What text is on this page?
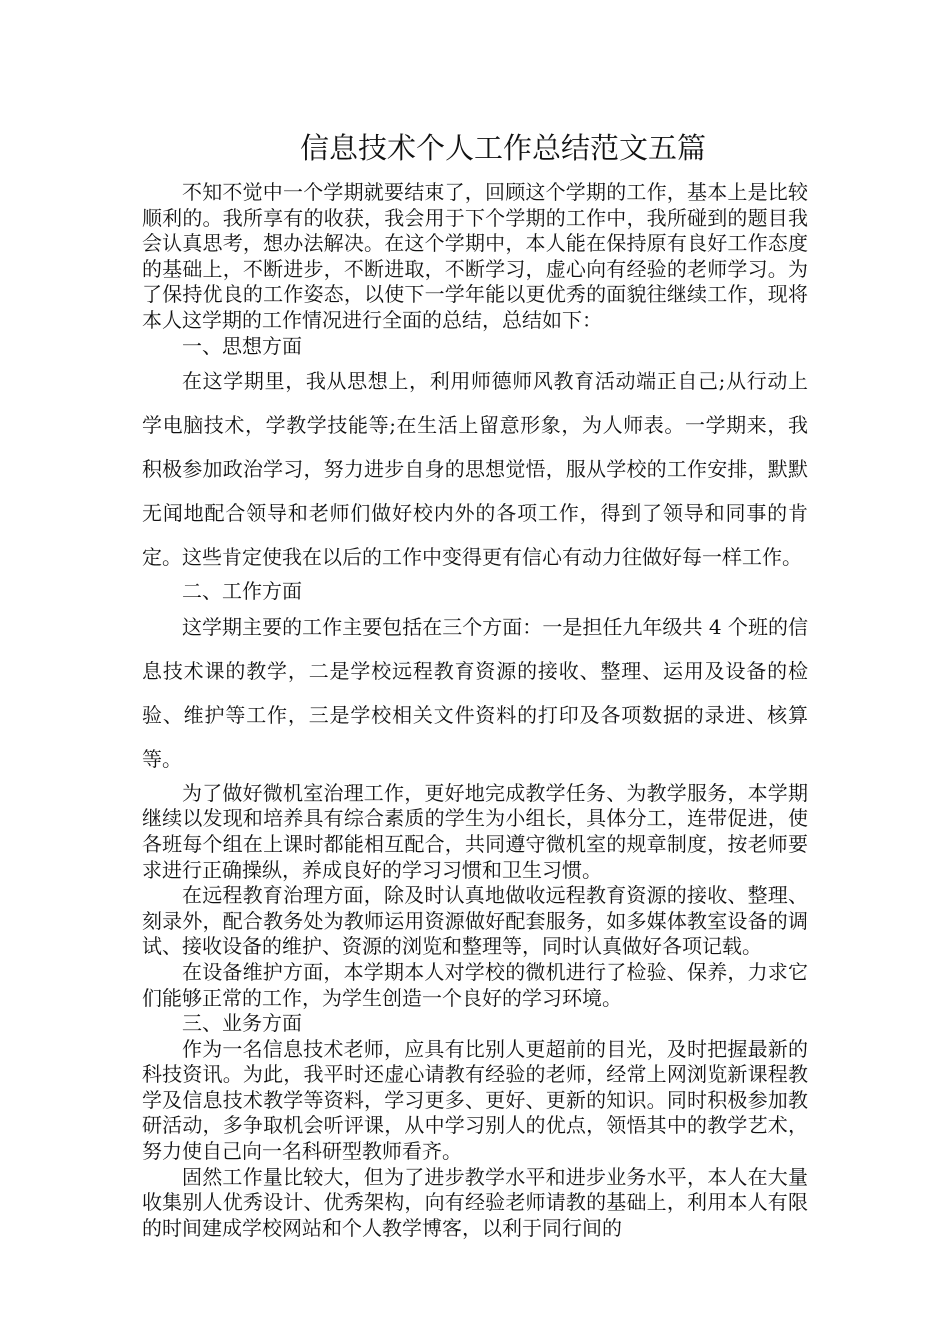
信息技术个人工作总结范文五篇

不知不觉中一个学期就要结束了，回顾这个学期的工作，基本上是比较顺利的。我所享有的收获，我会用于下个学期的工作中，我所碰到的题目我会认真思考，想办法解决。在这个学期中，本人能在保持原有良好工作态度的基础上，不断进步，不断进取，不断学习，虚心向有经验的老师学习。为了保持优良的工作姿态，以使下一学年能以更优秀的面貌往继续工作，现将本人这学期的工作情况进行全面的总结，总结如下：

一、思想方面

在这学期里，我从思想上，利用师德师风教育活动端正自己;从行动上学电脑技术，学教学技能等;在生活上留意形象，为人师表。一学期来，我积极参加政治学习，努力进步自身的思想觉悟，服从学校的工作安排，默默无闻地配合领导和老师们做好校内外的各项工作，得到了领导和同事的肯定。这些肯定使我在以后的工作中变得更有信心有动力往做好每一样工作。

二、工作方面

这学期主要的工作主要包括在三个方面：一是担任九年级共 4 个班的信息技术课的教学，二是学校远程教育资源的接收、整理、运用及设备的检验、维护等工作，三是学校相关文件资料的打印及各项数据的录进、核算等。

为了做好微机室治理工作，更好地完成教学任务、为教学服务，本学期继续以发现和培养具有综合素质的学生为小组长，具体分工，连带促进，使各班每个组在上课时都能相互配合，共同遵守微机室的规章制度，按老师要求进行正确操纵，养成良好的学习习惯和卫生习惯。

在远程教育治理方面，除及时认真地做收远程教育资源的接收、整理、刻录外，配合教务处为教师运用资源做好配套服务，如多媒体教室设备的调试、接收设备的维护、资源的浏览和整理等，同时认真做好各项记载。

在设备维护方面，本学期本人对学校的微机进行了检验、保养，力求它们能够正常的工作，为学生创造一个良好的学习环境。

三、业务方面

作为一名信息技术老师，应具有比别人更超前的目光，及时把握最新的科技资讯。为此，我平时还虚心请教有经验的老师，经常上网浏览新课程教学及信息技术教学等资料，学习更多、更好、更新的知识。同时积极参加教研活动，多争取机会听评课，从中学习别人的优点，领悟其中的教学艺术，努力使自己向一名科研型教师看齐。

固然工作量比较大，但为了进步教学水平和进步业务水平，本人在大量收集别人优秀设计、优秀架构，向有经验老师请教的基础上，利用本人有限的时间建成学校网站和个人教学博客，以利于同行间的
